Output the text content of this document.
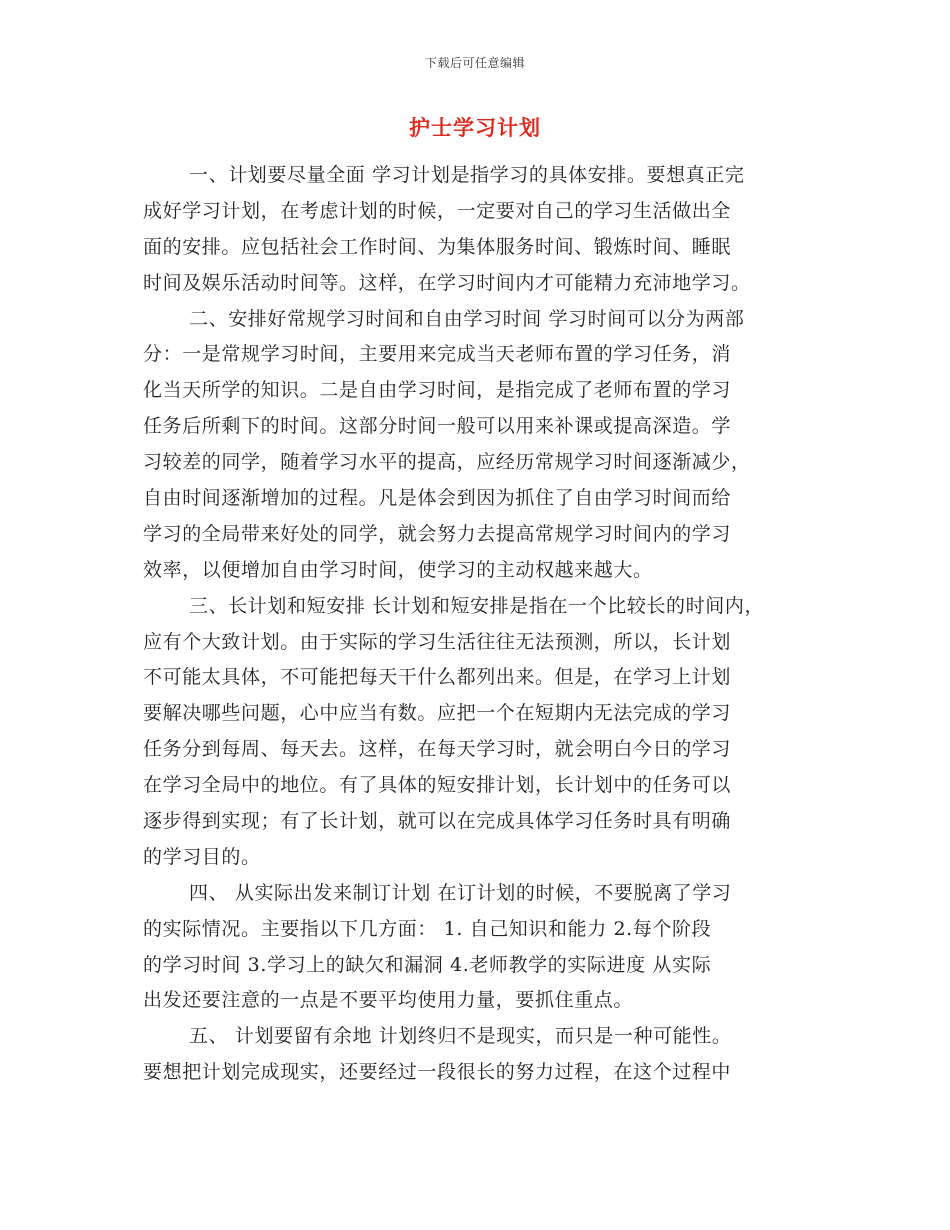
下载后可任意编辑
护士学习计划
一、计划要尽量全面 学习计划是指学习的具体安排。要想真正完
成好学习计划，在考虑计划的时候，一定要对自己的学习生活做出全
面的安排。应包括社会工作时间、为集体服务时间、锻炼时间、睡眠
时间及娱乐活动时间等。这样，在学习时间内才可能精力充沛地学习。
二、安排好常规学习时间和自由学习时间 学习时间可以分为两部
分：一是常规学习时间，主要用来完成当天老师布置的学习任务，消
化当天所学的知识。二是自由学习时间，是指完成了老师布置的学习
任务后所剩下的时间。这部分时间一般可以用来补课或提高深造。学
习较差的同学，随着学习水平的提高，应经历常规学习时间逐渐减少，
自由时间逐渐增加的过程。凡是体会到因为抓住了自由学习时间而给
学习的全局带来好处的同学，就会努力去提高常规学习时间内的学习
效率，以便增加自由学习时间，使学习的主动权越来越大。
三、长计划和短安排 长计划和短安排是指在一个比较长的时间内，
应有个大致计划。由于实际的学习生活往往无法预测，所以，长计划
不可能太具体，不可能把每天干什么都列出来。但是，在学习上计划
要解决哪些问题，心中应当有数。应把一个在短期内无法完成的学习
任务分到每周、每天去。这样，在每天学习时，就会明白今日的学习
在学习全局中的地位。有了具体的短安排计划，长计划中的任务可以
逐步得到实现；有了长计划，就可以在完成具体学习任务时具有明确
的学习目的。
四、 从实际出发来制订计划 在订计划的时候，不要脱离了学习
的实际情况。主要指以下几方面： 1. 自己知识和能力 2.每个阶段
的学习时间 3.学习上的缺欠和漏洞 4.老师教学的实际进度 从实际
出发还要注意的一点是不要平均使用力量，要抓住重点。
五、 计划要留有余地 计划终归不是现实，而只是一种可能性。
要想把计划完成现实，还要经过一段很长的努力过程，在这个过程中
